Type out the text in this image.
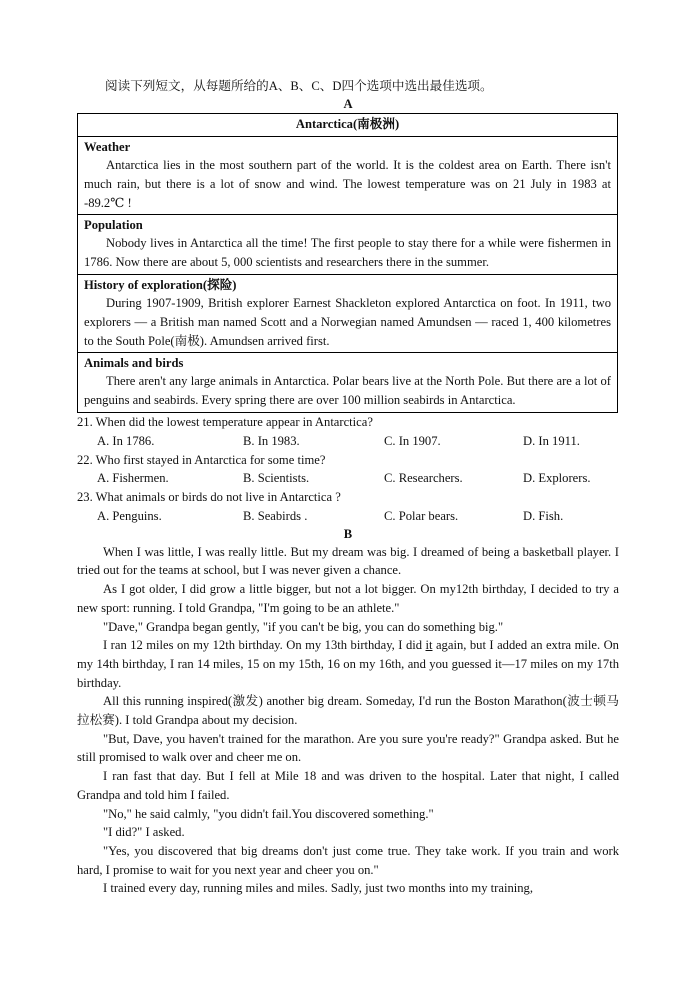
阅读下列短文，从每题所给的A、B、C、D四个选项中选出最佳选项。

A
Antarctica(南极洲)

Weather
Antarctica lies in the most southern part of the world. It is the coldest area on Earth. There isn't much rain, but there is a lot of snow and wind. The lowest temperature was on 21 July in 1983 at -89.2℃ !

Population
Nobody lives in Antarctica all the time! The first people to stay there for a while were fishermen in 1786. Now there are about 5, 000 scientists and researchers there in the summer.

History of exploration(探险)
During 1907-1909, British explorer Earnest Shackleton explored Antarctica on foot. In 1911, two explorers — a British man named Scott and a Norwegian named Amundsen — raced 1, 400 kilometres to the South Pole(南极). Amundsen arrived first.

Animals and birds
There aren't any large animals in Antarctica. Polar bears live at the North Pole. But there are a lot of penguins and seabirds. Every spring there are over 100 million seabirds in Antarctica.
21. When did the lowest temperature appear in Antarctica?
A. In 1786.	B. In 1983.	C. In 1907.	D. In 1911.
22. Who first stayed in Antarctica for some time?
A. Fishermen.	B. Scientists.	C. Researchers.	D. Explorers.
23. What animals or birds do not live in Antarctica ?
A. Penguins.	B. Seabirds .	C. Polar bears.	D. Fish.
B

When I was little, I was really little. But my dream was big. I dreamed of being a basketball player. I tried out for the teams at school, but I was never given a chance.

As I got older, I did grow a little bigger, but not a lot bigger. On my12th birthday, I decided to try a new sport: running. I told Grandpa, "I'm going to be an athlete."

"Dave," Grandpa began gently, "if you can't be big, you can do something big."

I ran 12 miles on my 12th birthday. On my 13th birthday, I did it again, but I added an extra mile. On my 14th birthday, I ran 14 miles, 15 on my 15th, 16 on my 16th, and you guessed it—17 miles on my 17th birthday.

All this running inspired(激发) another big dream. Someday, I'd run the Boston Marathon(波士顿马拉松赛). I told Grandpa about my decision.

"But, Dave, you haven't trained for the marathon. Are you sure you're ready?" Grandpa asked. But he still promised to walk over and cheer me on.

I ran fast that day. But I fell at Mile 18 and was driven to the hospital. Later that night, I called Grandpa and told him I failed.

"No," he said calmly, "you didn't fail.You discovered something."

"I did?" I asked.

"Yes, you discovered that big dreams don't just come true. They take work. If you train and work hard, I promise to wait for you next year and cheer you on."

I trained every day, running miles and miles. Sadly, just two months into my training,
